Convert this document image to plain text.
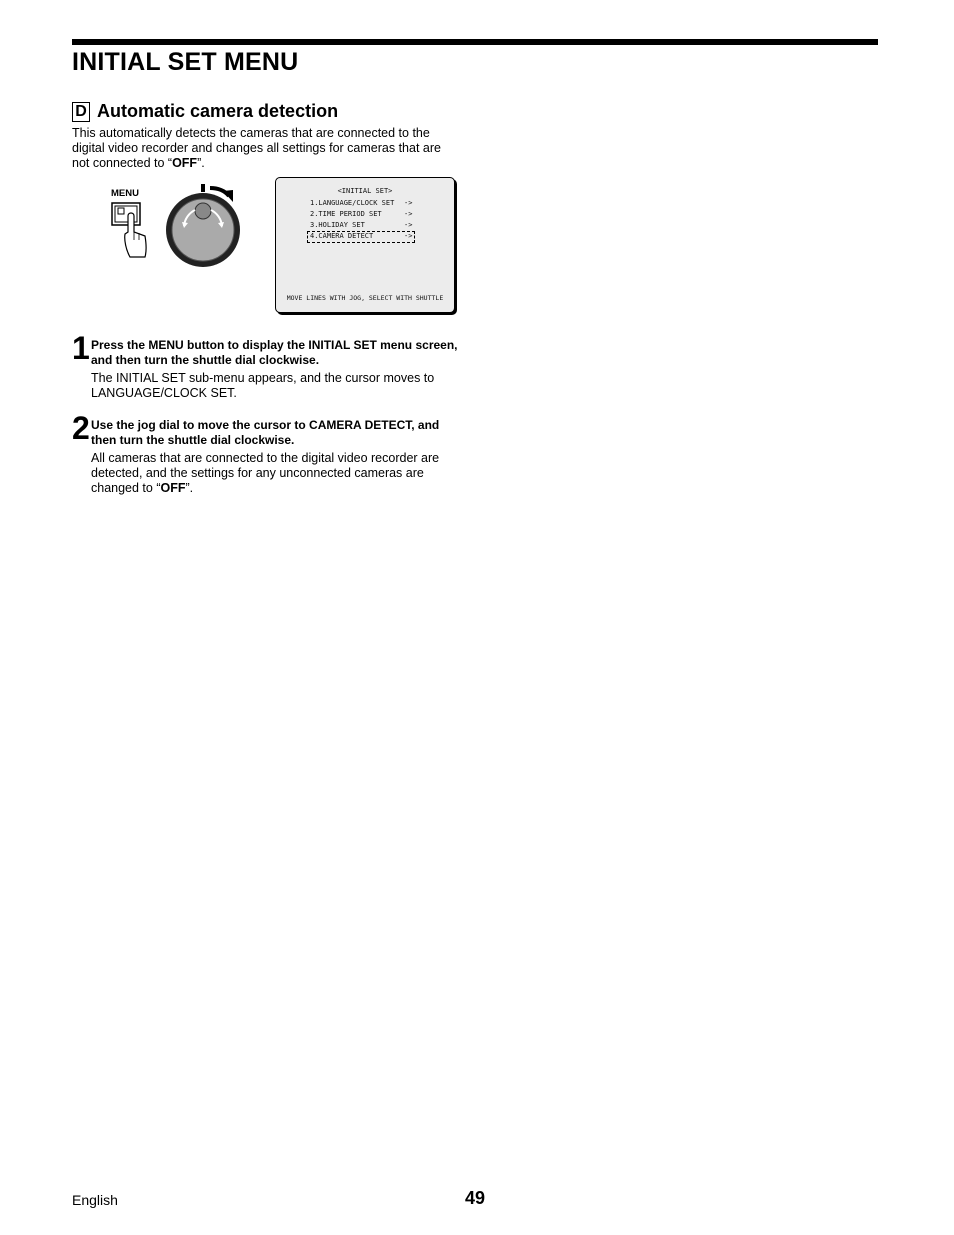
INITIAL SET MENU
D Automatic camera detection

This automatically detects the cameras that are connected to the digital video recorder and changes all settings for cameras that are not connected to “OFF”.

MENU	<INITIAL SET>
1.LANGUAGE/CLOCK SET ->
2.TIME PERIOD SET	->
3.HOLIDAY SET	->
4.CAMERA DETECT	->
MOVE LINES WITH JOG, SELECT WITH SHUTTLE
1 Press the MENU button to display the INITIAL SET menu screen, and then turn the shuttle dial clockwise.

The INITIAL SET sub-menu appears, and the cursor moves to LANGUAGE/CLOCK SET.

2 Use the jog dial to move the cursor to CAMERA DETECT, and then turn the shuttle dial clockwise.

All cameras that are connected to the digital video recorder are detected, and the settings for any unconnected cameras are changed to “OFF”.

English	49
